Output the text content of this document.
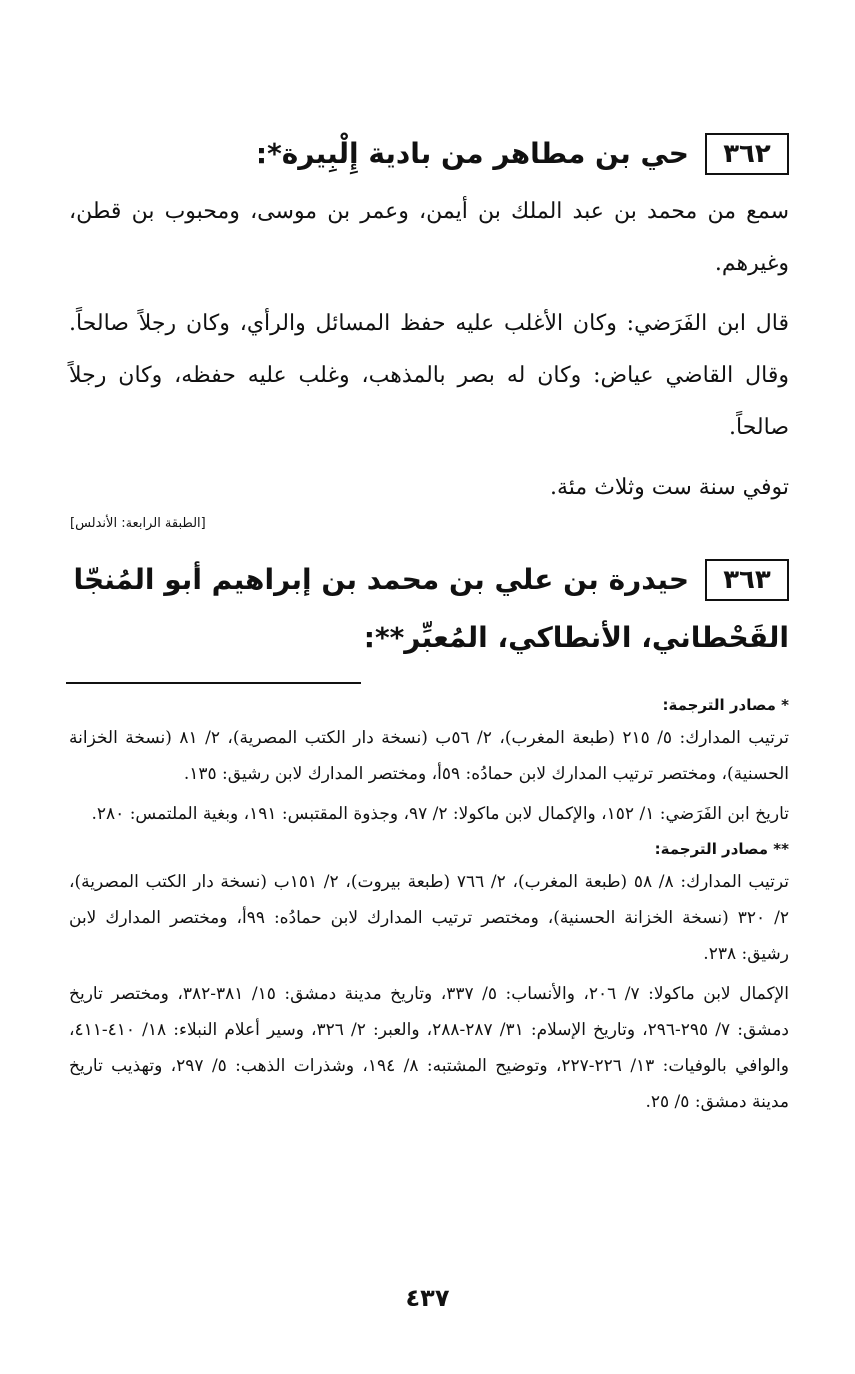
٣٦٢
حي بن مطاهر من بادية إِلْبِيرة*:

سمع من محمد بن عبد الملك بن أيمن، وعمر بن موسى، ومحبوب بن قطن، وغيرهم.

قال ابن الفَرَضي: وكان الأغلب عليه حفظ المسائل والرأي، وكان رجلاً صالحاً. وقال القاضي عياض: وكان له بصر بالمذهب، وغلب عليه حفظه، وكان رجلاً صالحاً.

توفي سنة ست وثلاث مئة.

[الطبقة الرابعة: الأندلس]
٣٦٣
حيدرة بن علي بن محمد بن إبراهيم أبو المُنجّا
القَحْطاني، الأنطاكي، المُعبِّر**:

* مصادر الترجمة:

ترتيب المدارك: ٥/ ٢١٥ (طبعة المغرب)، ٢/ ٥٦ب (نسخة دار الكتب المصرية)، ٢/ ٨١ (نسخة الخزانة الحسنية)، ومختصر ترتيب المدارك لابن حمادُه: ٥٩أ، ومختصر المدارك لابن رشيق: ١٣٥.

تاريخ ابن الفَرَضي: ١/ ١٥٢، والإكمال لابن ماكولا: ٢/ ٩٧، وجذوة المقتبس: ١٩١، وبغية الملتمس: ٢٨٠.

** مصادر الترجمة:

ترتيب المدارك: ٨/ ٥٨ (طبعة المغرب)، ٢/ ٧٦٦ (طبعة بيروت)، ٢/ ١٥١ب (نسخة دار الكتب المصرية)، ٢/ ٣٢٠ (نسخة الخزانة الحسنية)، ومختصر ترتيب المدارك لابن حمادُه: ٩٩أ، ومختصر المدارك لابن رشيق: ٢٣٨.

الإكمال لابن ماكولا: ٧/ ٢٠٦، والأنساب: ٥/ ٣٣٧، وتاريخ مدينة دمشق: ١٥/ ٣٨١-٣٨٢، ومختصر تاريخ دمشق: ٧/ ٢٩٥-٢٩٦، وتاريخ الإسلام: ٣١/ ٢٨٧-٢٨٨، والعبر: ٢/ ٣٢٦، وسير أعلام النبلاء: ١٨/ ٤١٠-٤١١، والوافي بالوفيات: ١٣/ ٢٢٦-٢٢٧، وتوضيح المشتبه: ٨/ ١٩٤، وشذرات الذهب: ٥/ ٢٩٧، وتهذيب تاريخ مدينة دمشق: ٥/ ٢٥.

٤٣٧
